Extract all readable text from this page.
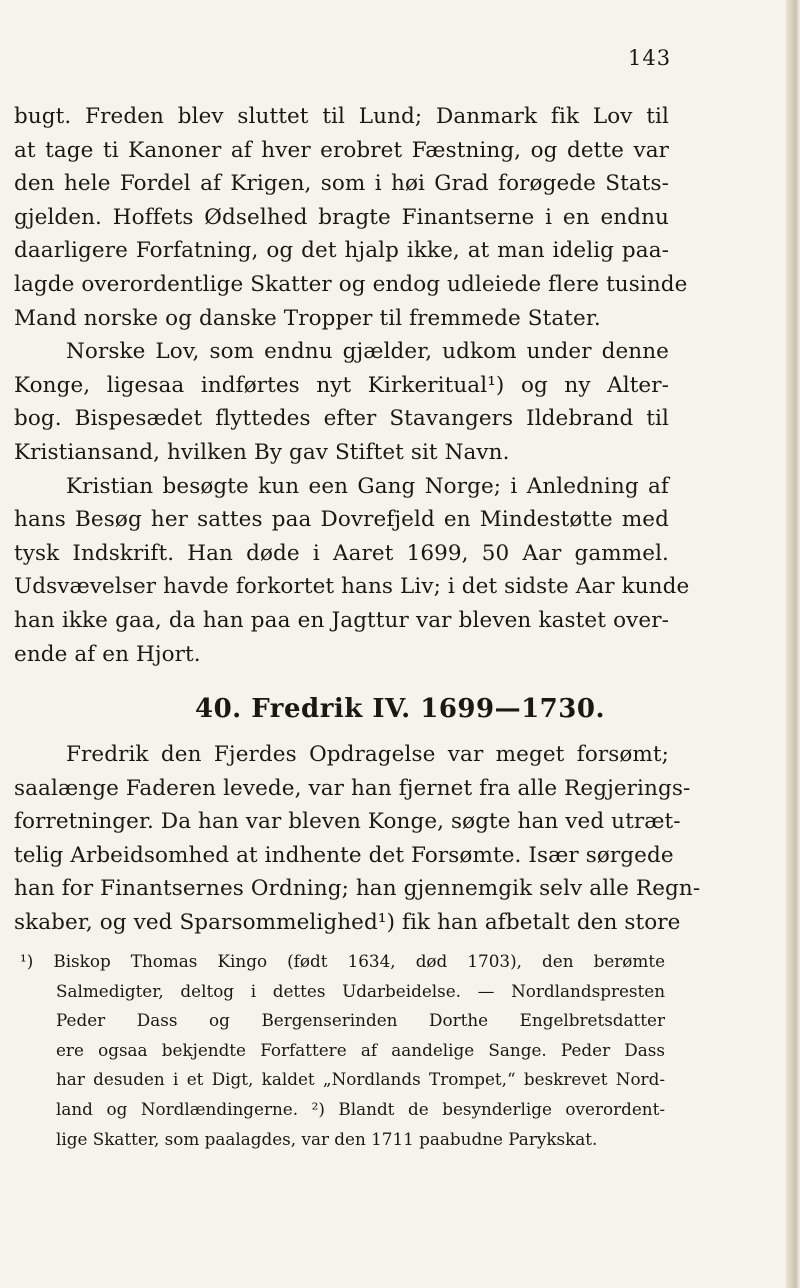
143
bugt. Freden blev sluttet til Lund; Danmark fik Lov til
at tage ti Kanoner af hver erobret Fæstning, og dette var
den hele Fordel af Krigen, som i høi Grad forøgede Stats-
gjelden. Hoffets Ødselhed bragte Finantserne i en endnu
daarligere Forfatning, og det hjalp ikke, at man idelig paa-
lagde overordentlige Skatter og endog udleiede flere tusinde
Mand norske og danske Tropper til fremmede Stater.
Norske Lov, som endnu gjælder, udkom under denne
Konge, ligesaa indførtes nyt Kirkeritual¹) og ny Alter-
bog. Bispesædet flyttedes efter Stavangers Ildebrand til
Kristiansand, hvilken By gav Stiftet sit Navn.
Kristian besøgte kun een Gang Norge; i Anledning af
hans Besøg her sattes paa Dovrefjeld en Mindestøtte med
tysk Indskrift. Han døde i Aaret 1699, 50 Aar gammel.
Udsvævelser havde forkortet hans Liv; i det sidste Aar kunde
han ikke gaa, da han paa en Jagttur var bleven kastet over-
ende af en Hjort.
40. Fredrik IV. 1699—1730.
Fredrik den Fjerdes Opdragelse var meget forsømt;
saalænge Faderen levede, var han fjernet fra alle Regjerings-
forretninger. Da han var bleven Konge, søgte han ved utræt-
telig Arbeidsomhed at indhente det Forsømte. Især sørgede
han for Finantsernes Ordning; han gjennemgik selv alle Regn-
skaber, og ved Sparsommelighed¹) fik han afbetalt den store
¹) Biskop Thomas Kingo (født 1634, død 1703), den berømte
Salmedigter, deltog i dettes Udarbeidelse. — Nordlandspresten
Peder Dass og Bergenserinden Dorthe Engelbretsdatter
ere ogsaa bekjendte Forfattere af aandelige Sange. Peder Dass
har desuden i et Digt, kaldet „Nordlands Trompet,“ beskrevet Nord-
land og Nordlændingerne. ²) Blandt de besynderlige overordent-
lige Skatter, som paalagdes, var den 1711 paabudne Parykskat.
